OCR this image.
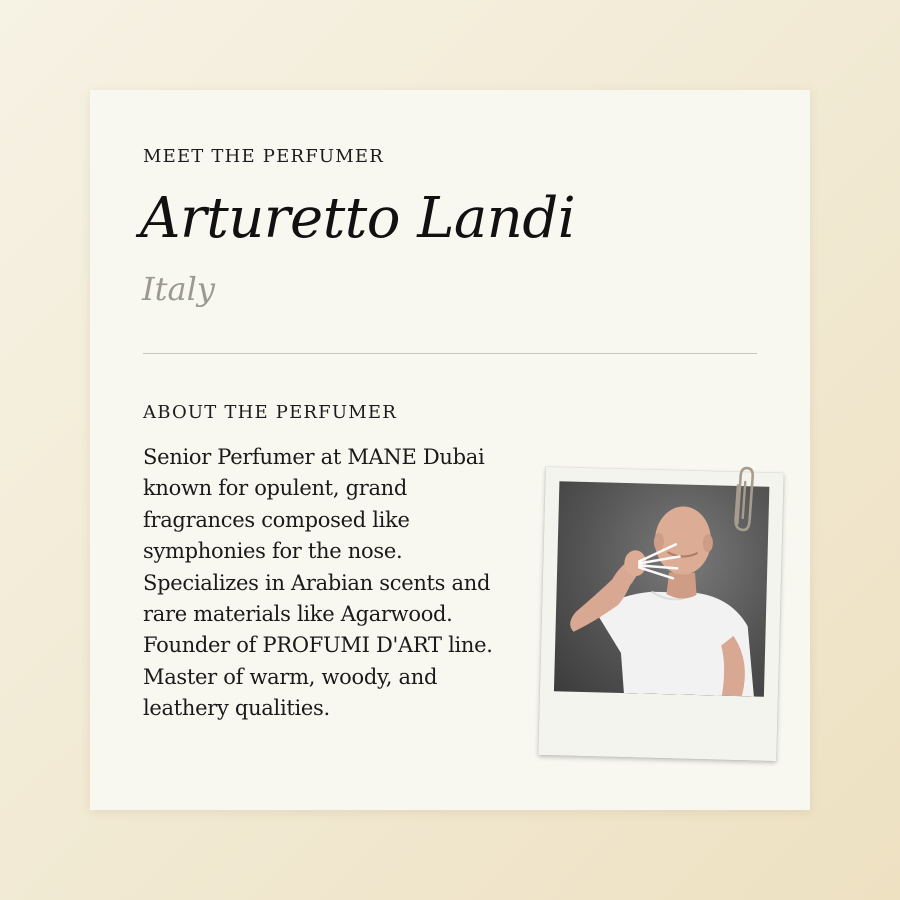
MEET THE PERFUMER
Arturetto Landi
Italy
ABOUT THE PERFUMER

Senior Perfumer at MANE Dubai known for opulent, grand fragrances composed like symphonies for the nose. Specializes in Arabian scents and rare materials like Agarwood. Founder of PROFUMI D'ART line. Master of warm, woody, and leathery qualities.
